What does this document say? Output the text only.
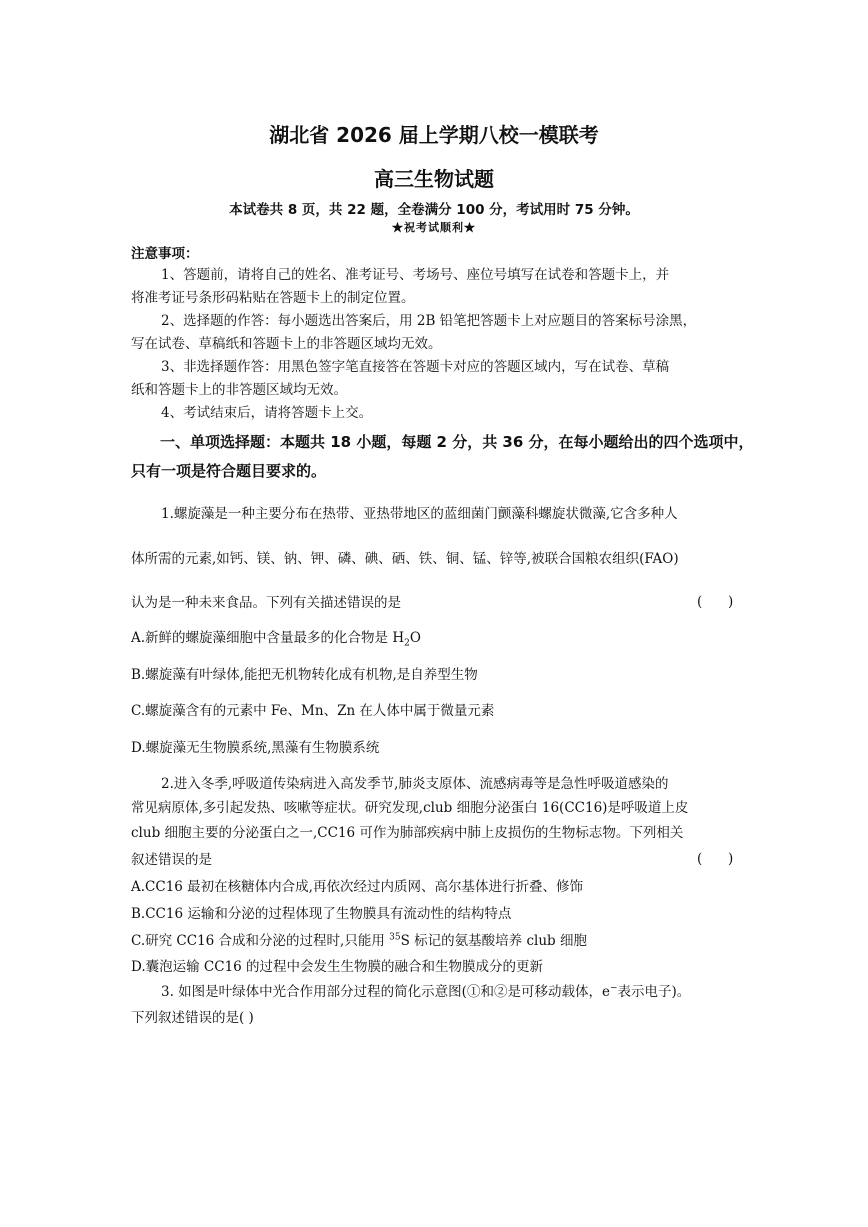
湖北省 2026 届上学期八校一模联考
高三生物试题
本试卷共 8 页，共 22 题，全卷满分 100 分，考试用时 75 分钟。
★祝考试顺利★
注意事项：
1、答题前，请将自己的姓名、准考证号、考场号、座位号填写在试卷和答题卡上，并
将准考证号条形码粘贴在答题卡上的制定位置。
2、选择题的作答：每小题选出答案后，用 2B 铅笔把答题卡上对应题目的答案标号涂黑，
写在试卷、草稿纸和答题卡上的非答题区域均无效。
3、非选择题作答：用黑色签字笔直接答在答题卡对应的答题区域内，写在试卷、草稿
纸和答题卡上的非答题区域均无效。
4、考试结束后，请将答题卡上交。
一、单项选择题：本题共 18 小题，每题 2 分，共 36 分，在每小题给出的四个选项中，
只有一项是符合题目要求的。
1.螺旋藻是一种主要分布在热带、亚热带地区的蓝细菌门颤藻科螺旋状微藻,它含多种人
体所需的元素,如钙、镁、钠、钾、磷、碘、硒、铁、铜、锰、锌等,被联合国粮农组织(FAO)
认为是一种未来食品。下列有关描述错误的是	(      )
A.新鲜的螺旋藻细胞中含量最多的化合物是 $H_2O$
B.螺旋藻有叶绿体,能把无机物转化成有机物,是自养型生物
C.螺旋藻含有的元素中 Fe、Mn、Zn 在人体中属于微量元素
D.螺旋藻无生物膜系统,黑藻有生物膜系统
2.进入冬季,呼吸道传染病进入高发季节,肺炎支原体、流感病毒等是急性呼吸道感染的
常见病原体,多引起发热、咳嗽等症状。研究发现,club 细胞分泌蛋白 16(CC16)是呼吸道上皮
club 细胞主要的分泌蛋白之一,CC16 可作为肺部疾病中肺上皮损伤的生物标志物。下列相关
叙述错误的是	(      )
A.CC16 最初在核糖体内合成,再依次经过内质网、高尔基体进行折叠、修饰
B.CC16 运输和分泌的过程体现了生物膜具有流动性的结构特点
C.研究 CC16 合成和分泌的过程时,只能用 $^{35}$S 标记的氨基酸培养 club 细胞
D.囊泡运输 CC16 的过程中会发生生物膜的融合和生物膜成分的更新
3. 如图是叶绿体中光合作用部分过程的简化示意图(①和②是可移动载体，e−表示电子)。
下列叙述错误的是( )
